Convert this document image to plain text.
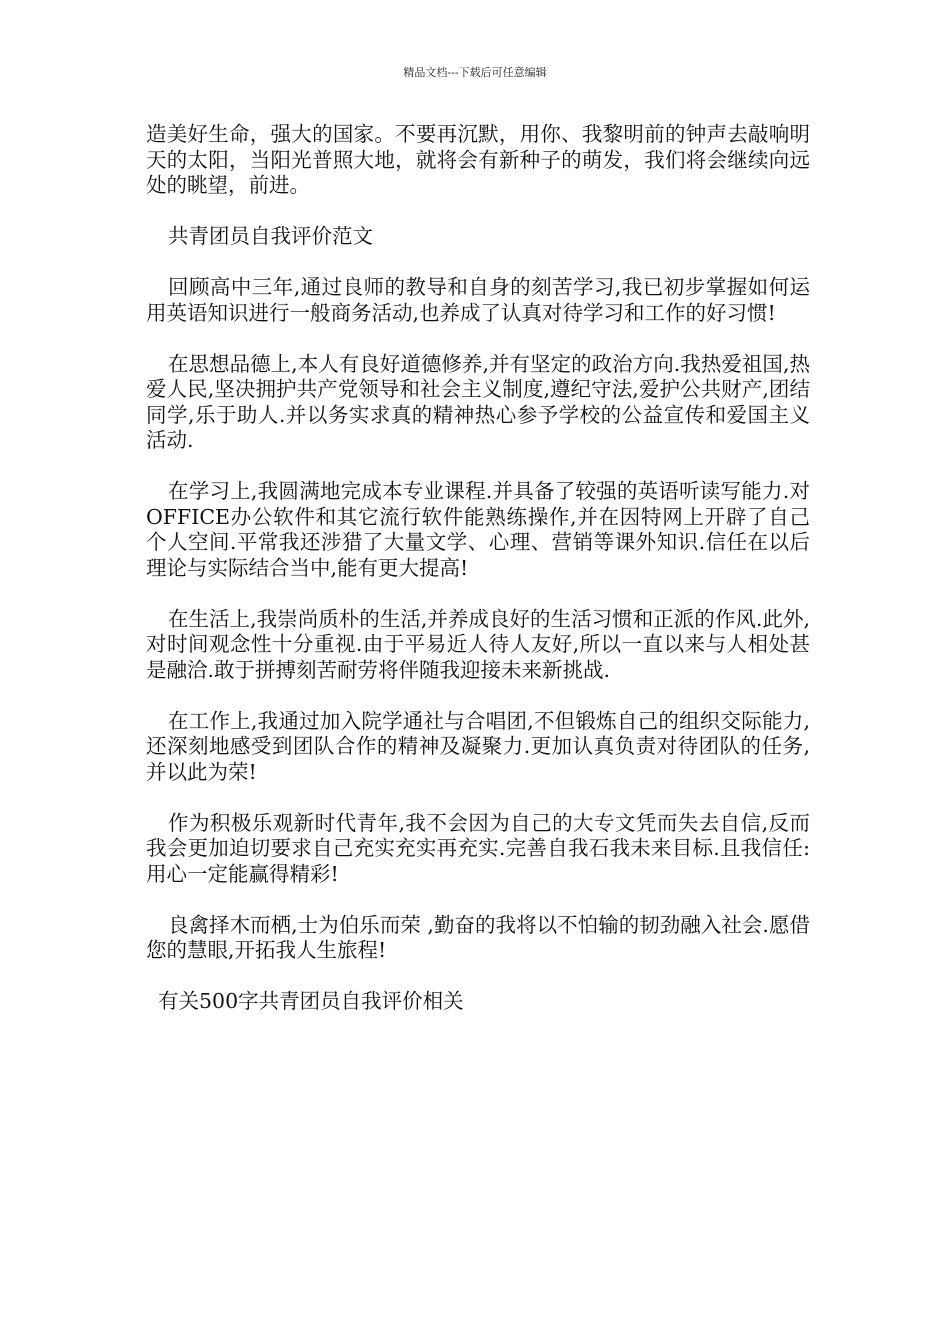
精品文档---下载后可任意编辑

造美好生命，强大的国家。不要再沉默，用你、我黎明前的钟声去敲响明天的太阳，当阳光普照大地，就将会有新种子的萌发，我们将会继续向远处的眺望，前进。

共青团员自我评价范文

回顾高中三年,通过良师的教导和自身的刻苦学习,我已初步掌握如何运用英语知识进行一般商务活动,也养成了认真对待学习和工作的好习惯!

在思想品德上,本人有良好道德修养,并有坚定的政治方向.我热爱祖国,热爱人民,坚决拥护共产党领导和社会主义制度,遵纪守法,爱护公共财产,团结同学,乐于助人.并以务实求真的精神热心参予学校的公益宣传和爱国主义活动.

在学习上,我圆满地完成本专业课程.并具备了较强的英语听读写能力.对OFFICE办公软件和其它流行软件能熟练操作,并在因特网上开辟了自己个人空间.平常我还涉猎了大量文学、心理、营销等课外知识.信任在以后理论与实际结合当中,能有更大提高!

在生活上,我崇尚质朴的生活,并养成良好的生活习惯和正派的作风.此外,对时间观念性十分重视.由于平易近人待人友好,所以一直以来与人相处甚是融洽.敢于拼搏刻苦耐劳将伴随我迎接未来新挑战.

在工作上,我通过加入院学通社与合唱团,不但锻炼自己的组织交际能力,还深刻地感受到团队合作的精神及凝聚力.更加认真负责对待团队的任务,并以此为荣!

作为积极乐观新时代青年,我不会因为自己的大专文凭而失去自信,反而我会更加迫切要求自己充实充实再充实.完善自我石我未来目标.且我信任:用心一定能赢得精彩!

良禽择木而栖,士为伯乐而荣 ,勤奋的我将以不怕输的韧劲融入社会.愿借您的慧眼,开拓我人生旅程!

有关500字共青团员自我评价相关
